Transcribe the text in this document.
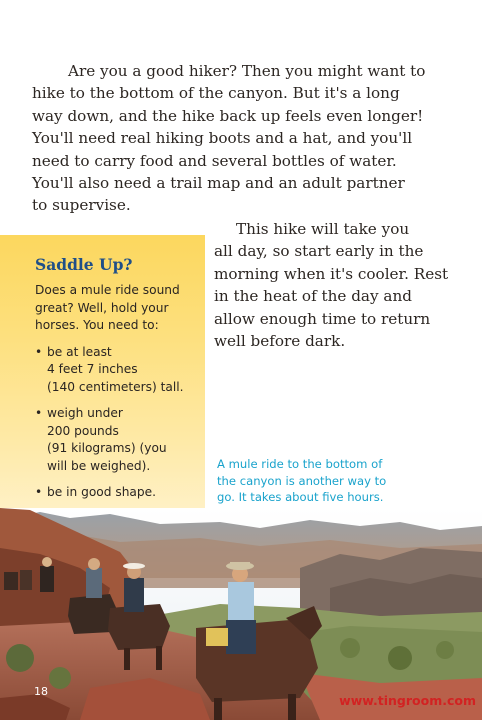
Are you a good hiker? Then you might want to
hike to the bottom of the canyon. But it's a long
way down, and the hike back up feels even longer!
You'll need real hiking boots and a hat, and you'll
need to carry food and several bottles of water.
You'll also need a trail map and an adult partner
to supervise.
Saddle Up?
Does a mule ride sound
great? Well, hold your
horses. You need to:
• be at least
4 feet 7 inches
(140 centimeters) tall.
• weigh under
200 pounds
(91 kilograms) (you
will be weighed).
• be in good shape.
This hike will take you
all day, so start early in the
morning when it's cooler. Rest
in the heat of the day and
allow enough time to return
well before dark.
A mule ride to the bottom of
the canyon is another way to
go. It takes about five hours.
18
www.tingroom.com
